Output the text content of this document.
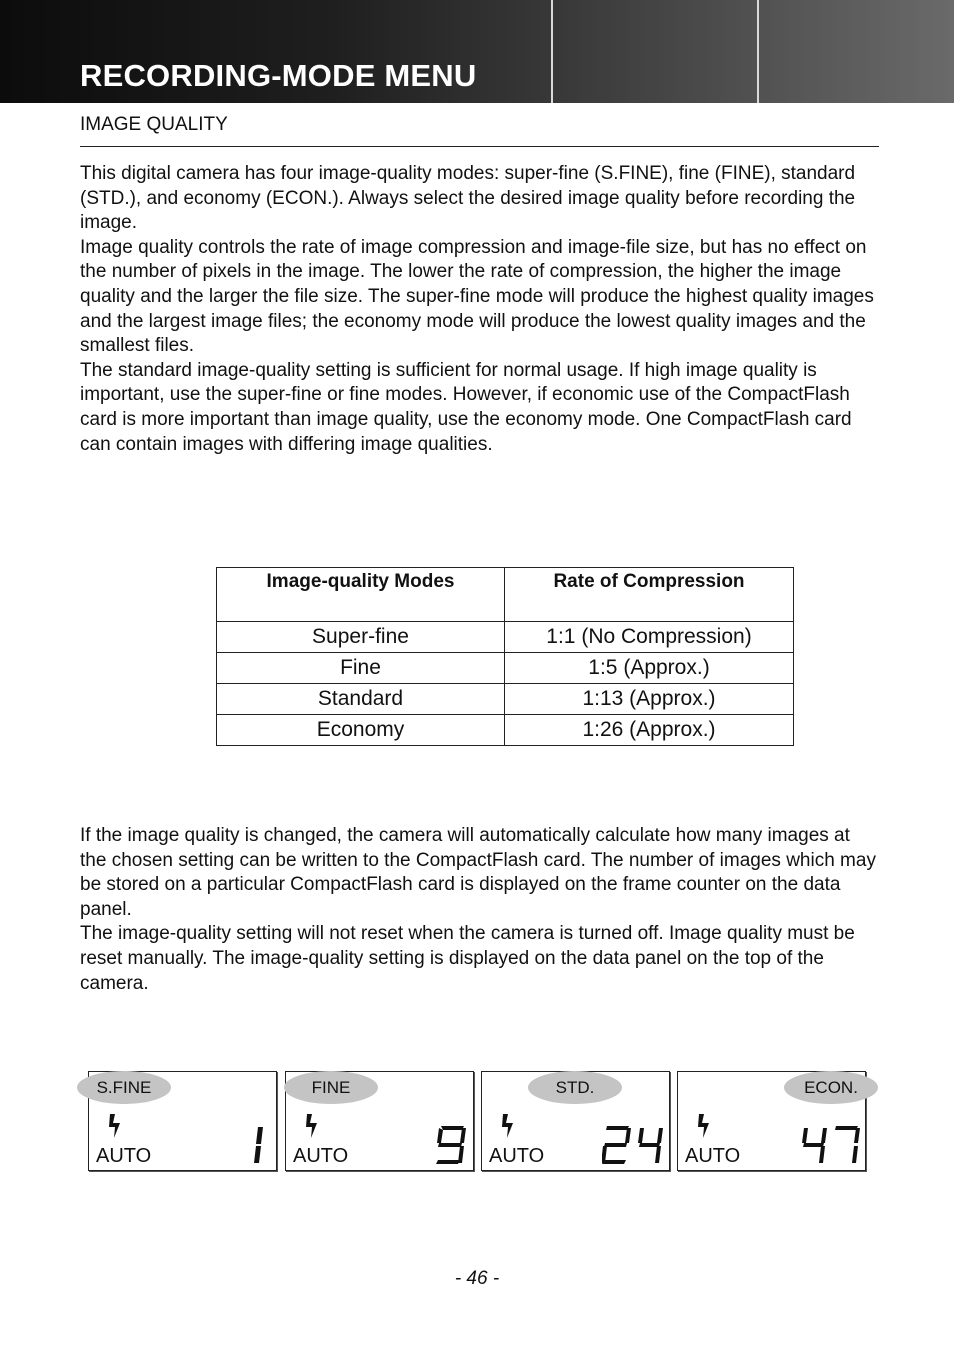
RECORDING-MODE MENU
IMAGE QUALITY

This digital camera has four image-quality modes: super-fine (S.FINE), fine (FINE), standard (STD.), and economy (ECON.). Always select the desired image quality before recording the image.

Image quality controls the rate of image compression and image-file size, but has no effect on the number of pixels in the image. The lower the rate of compression, the higher the image quality and the larger the file size. The super-fine mode will produce the highest quality images and the largest image files; the economy mode will produce the lowest quality images and the smallest files.

The standard image-quality setting is sufficient for normal usage. If high image quality is important, use the super-fine or fine modes. However, if economic use of the CompactFlash card is more important than image quality, use the economy mode. One CompactFlash card can contain images with differing image qualities.

Image-quality Modes	Rate of Compression
Super-fine	1:1 (No Compression)
Fine	1:5 (Approx.)
Standard	1:13 (Approx.)
Economy	1:26 (Approx.)

If the image quality is changed, the camera will automatically calculate how many images at the chosen setting can be written to the CompactFlash card. The number of images which may be stored on a particular CompactFlash card is displayed on the frame counter on the data panel.

The image-quality setting will not reset when the camera is turned off. Image quality must be reset manually. The image-quality setting is displayed on the data panel on the top of the camera.

S.FINE
AUTO
FINE
AUTO
STD.
AUTO
ECON.
AUTO
- 46 -
